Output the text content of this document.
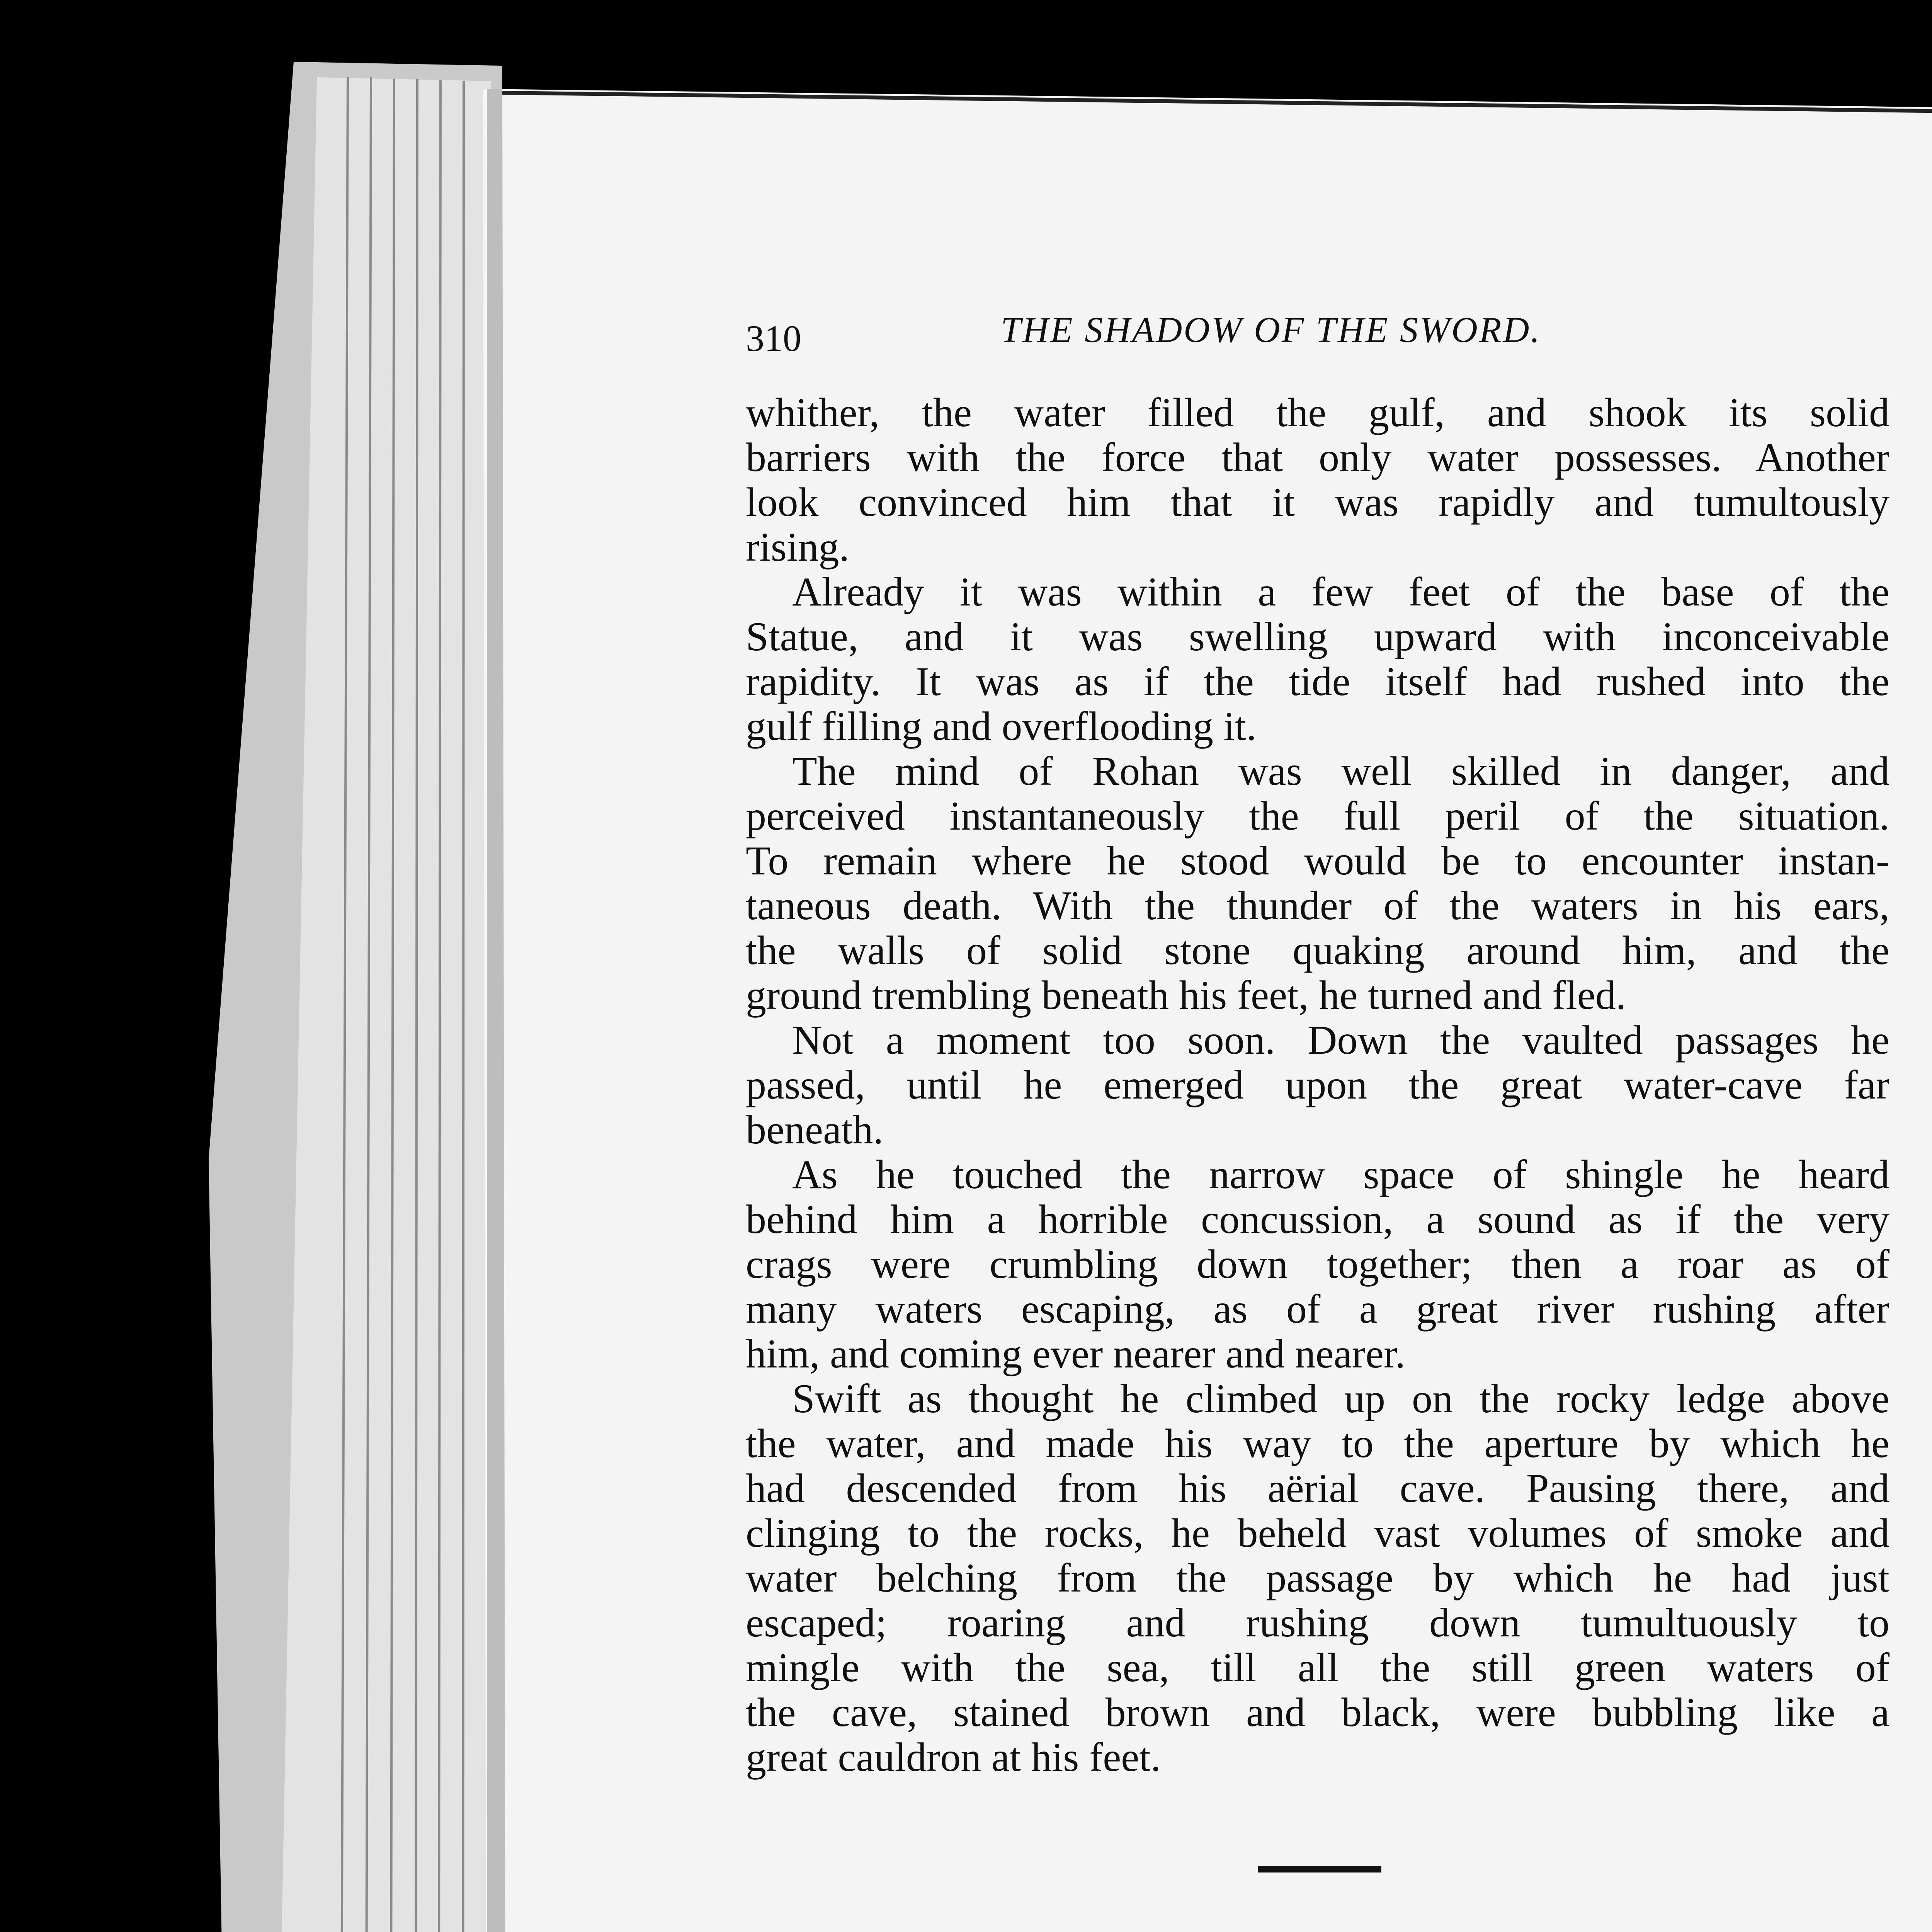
310	THE SHADOW OF THE SWORD.
whither, the water filled the gulf, and shook its solid
barriers with the force that only water possesses. Another
look convinced him that it was rapidly and tumultously
rising.
Already it was within a few feet of the base of the
Statue, and it was swelling upward with inconceivable
rapidity. It was as if the tide itself had rushed into the
gulf filling and overflooding it.
The mind of Rohan was well skilled in danger, and
perceived instantaneously the full peril of the situation.
To remain where he stood would be to encounter instan-
taneous death. With the thunder of the waters in his ears,
the walls of solid stone quaking around him, and the
ground trembling beneath his feet, he turned and fled.
Not a moment too soon. Down the vaulted passages he
passed, until he emerged upon the great water-cave far
beneath.
As he touched the narrow space of shingle he heard
behind him a horrible concussion, a sound as if the very
crags were crumbling down together; then a roar as of
many waters escaping, as of a great river rushing after
him, and coming ever nearer and nearer.
Swift as thought he climbed up on the rocky ledge above
the water, and made his way to the aperture by which he
had descended from his aërial cave. Pausing there, and
clinging to the rocks, he beheld vast volumes of smoke and
water belching from the passage by which he had just
escaped; roaring and rushing down tumultuously to
mingle with the sea, till all the still green waters of
the cave, stained brown and black, were bubbling like a
great cauldron at his feet.
